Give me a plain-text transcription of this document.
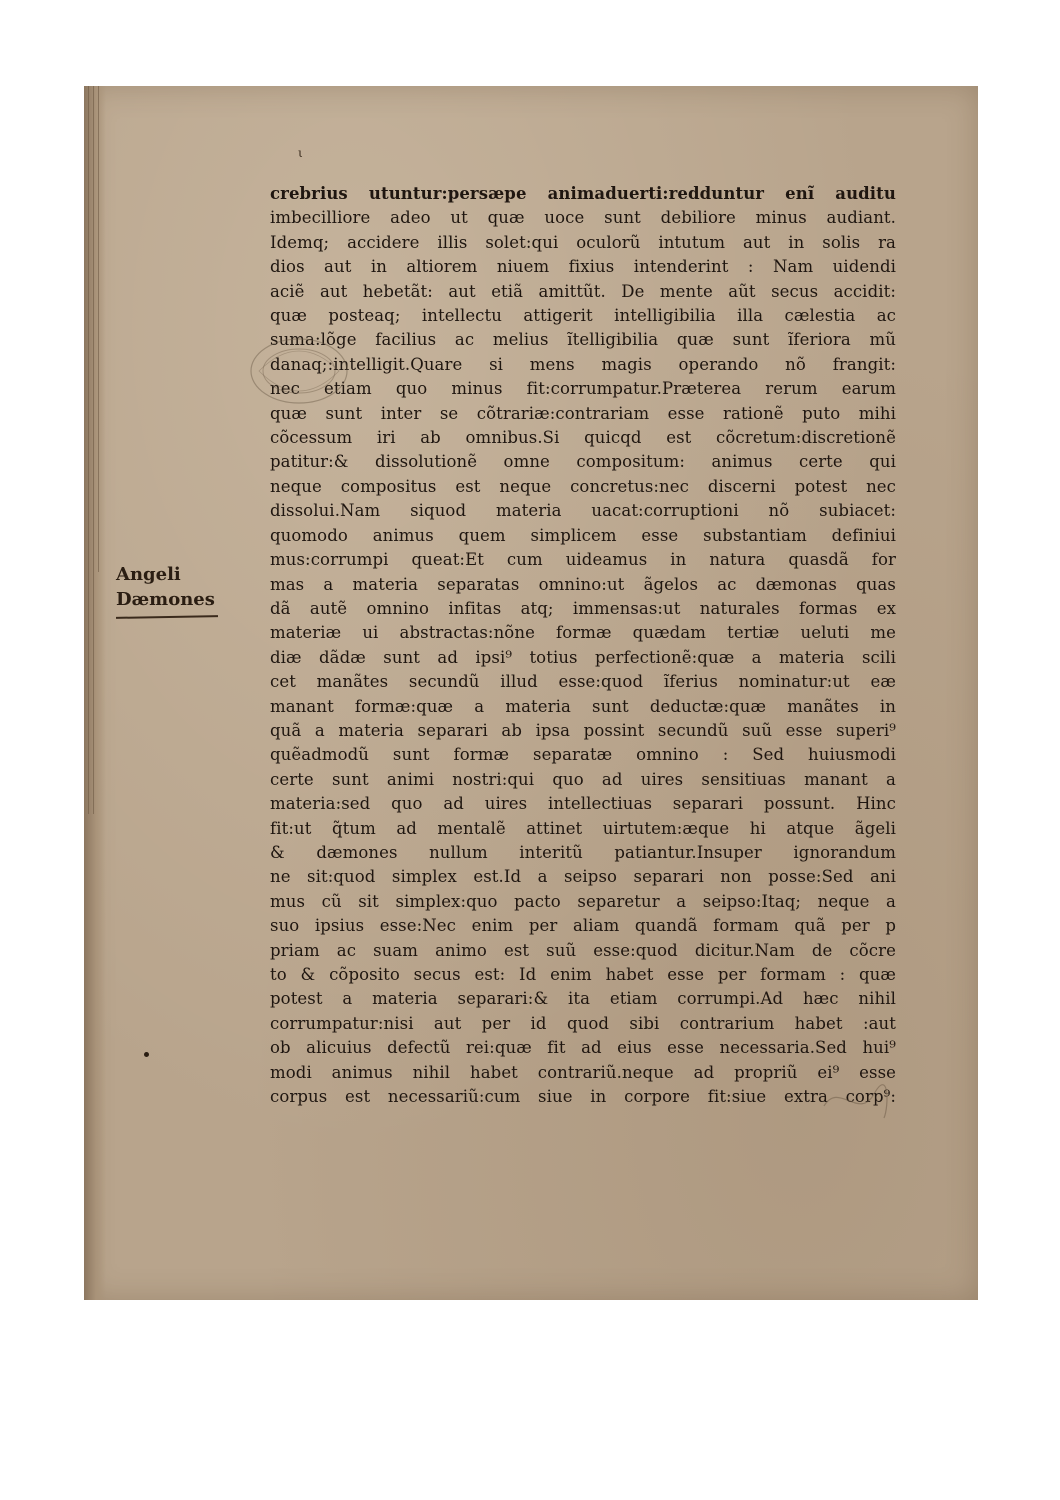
ι
Angeli
Dæmones
crebrius utuntur:persæpe animaduerti:redduntur enĩ auditu
imbecilliore adeo ut quæ uoce sunt debiliore minus audiant.
Idemq; accidere illis solet:qui oculorũ intutum aut in solis ra
dios aut in altiorem niuem fixius intenderint : Nam uidendi
aciẽ aut hebetãt: aut etiã amittũt. De mente aũt secus accidit:
quæ posteaq; intellectu attigerit intelligibilia illa cælestia ac
suma:lõge facilius ac melius ĩtelligibilia quæ sunt ĩferiora mũ
danaq;:intelligit.Quare si mens magis operando nõ frangit:
nec etiam quo minus fit:corrumpatur.Præterea rerum earum
quæ sunt inter se cõtrariæ:contrariam esse rationẽ puto mihi
cõcessum iri ab omnibus.Si quicqd est cõcretum:discretionẽ
patitur:& dissolutionẽ omne compositum: animus certe qui
neque compositus est neque concretus:nec discerni potest nec
dissolui.Nam siquod materia uacat:corruptioni nõ subiacet:
quomodo animus quem simplicem esse substantiam definiui
mus:corrumpi queat:Et cum uideamus in natura quasdã for
mas a materia separatas omnino:ut ãgelos ac dæmonas quas
dã autẽ omnino infitas atq; immensas:ut naturales formas ex
materiæ ui abstractas:nõne formæ quædam tertiæ ueluti me
diæ dãdæ sunt ad ipsi⁹ totius perfectionẽ:quæ a materia scili
cet manãtes secundũ illud esse:quod ĩferius nominatur:ut eæ
manant formæ:quæ a materia sunt deductæ:quæ manãtes in
quã a materia separari ab ipsa possint secundũ suũ esse superi⁹
quẽadmodũ sunt formæ separatæ omnino : Sed huiusmodi
certe sunt animi nostri:qui quo ad uires sensitiuas manant a
materia:sed quo ad uires intellectiuas separari possunt. Hinc
fit:ut q̃tum ad mentalẽ attinet uirtutem:æque hi atque ãgeli
& dæmones nullum interitũ patiantur.Insuper ignorandum
ne sit:quod simplex est.Id a seipso separari non posse:Sed ani
mus cũ sit simplex:quo pacto separetur a seipso:Itaq; neque a
suo ipsius esse:Nec enim per aliam quandã formam quã per p
priam ac suam animo est suũ esse:quod dicitur.Nam de cõcre
to & cõposito secus est: Id enim habet esse per formam : quæ
potest a materia separari:& ita etiam corrumpi.Ad hæc nihil
corrumpatur:nisi aut per id quod sibi contrarium habet :aut
ob alicuius defectũ rei:quæ fit ad eius esse necessaria.Sed hui⁹
modi animus nihil habet contrariũ.neque ad propriũ ei⁹ esse
corpus est necessariũ:cum siue in corpore fit:siue extra corp⁹:
